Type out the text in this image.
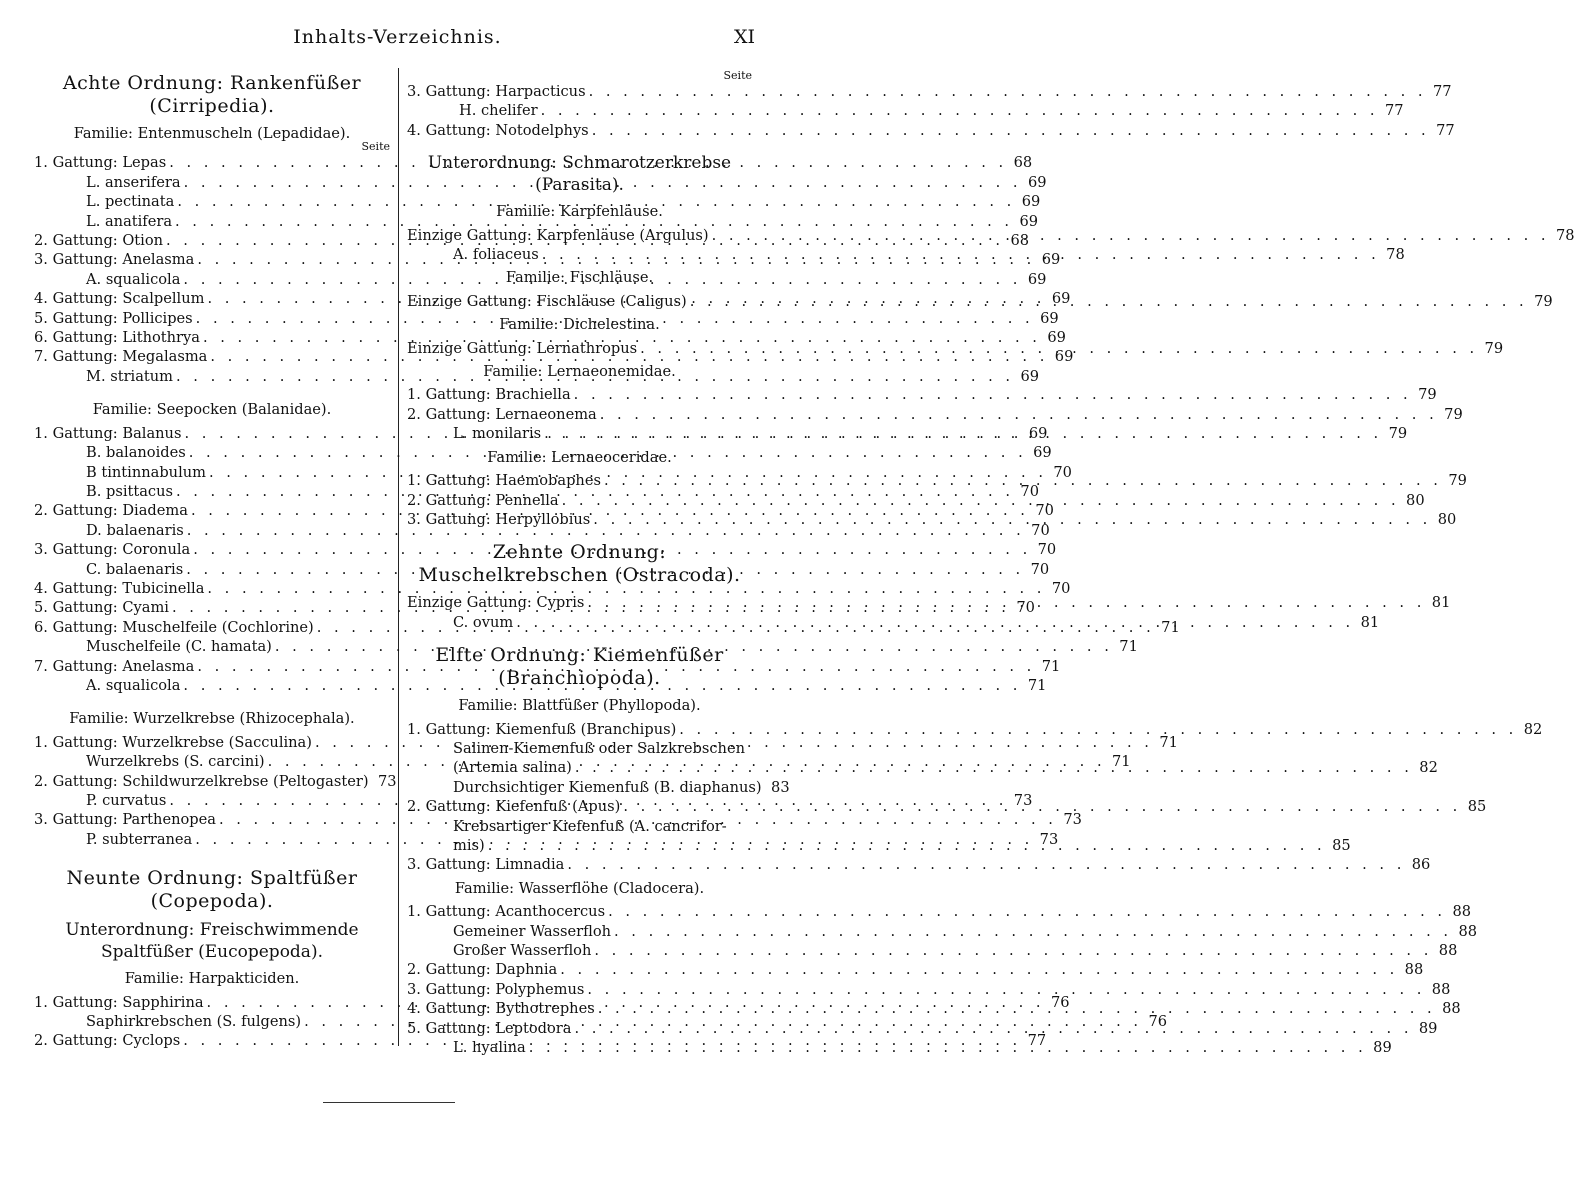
Inhalts-Verzeichnis.	XI
Achte Ordnung: Rankenfüßer (Cirripedia).
Familie: Entenmuscheln (Lepadidae).
Seite
1. Gattung: Lepas . . .	68
L. anserifera . . .	69
L. pectinata . . .	69
L. anatifera . . .	69
2. Gattung: Otion . . .	68
3. Gattung: Anelasma . . .	69
A. squalicola . . .	69
4. Gattung: Scalpellum . . .	69
5. Gattung: Pollicipes . . .	69
6. Gattung: Lithothrya . . .	69
7. Gattung: Megalasma . . .	69
M. striatum . . .	69
Familie: Seepocken (Balanidae).
1. Gattung: Balanus . . .	69
B. balanoides . . .	69
B tintinnabulum . . .	70
B. psittacus . . .	70
2. Gattung: Diadema . . .	70
D. balaenaris . . .	70
3. Gattung: Coronula . . .	70
C. balaenaris . . .	70
4. Gattung: Tubicinella . . .	70
5. Gattung: Cyami . . .	70
6. Gattung: Muschelfeile (Cochlorine) . . .	71
Muschelfeile (C. hamata) . . .	71
7. Gattung: Anelasma . . .	71
A. squalicola . . .	71
Familie: Wurzelkrebse (Rhizocephala).
1. Gattung: Wurzelkrebse (Sacculina) . . .	71
Wurzelkrebs (S. carcini) . . .	71
2. Gattung: Schildwurzelkrebse (Peltogaster) 73
P. curvatus . . .	73
3. Gattung: Parthenopea . . .	73
P. subterranea . . .	73
Neunte Ordnung: Spaltfüßer (Copepoda).
Unterordnung: Freischwimmende Spaltfüßer (Eucopepoda).
Familie: Harpakticiden.
1. Gattung: Sapphirina . . .	76
Saphirkrebschen (S. fulgens) . . .	76
2. Gattung: Cyclops . . .	77
Seite
3. Gattung: Harpacticus . . .	77
H. chelifer . . .	77
4. Gattung: Notodelphys . . .	77
Unterordnung: Schmarotzerkrebse (Parasita).
Familie: Karpfenläuse.
Einzige Gattung: Karpfenläuse (Argulus) . . .	78
A. foliaceus . . .	78
Familie: Fischläuse.
Einzige Gattung: Fischläuse (Caligus) . . .	79
Familie: Dichelestina.
Einzige Gattung: Lernathropus . . .	79
Familie: Lernaeonemidae.
1. Gattung: Brachiella . . .	79
2. Gattung: Lernaeonema . . .	79
L. monilaris . . .	79
Familie: Lernaeoceridae.
1. Gattung: Haemobaphes . . .	79
2. Gattung: Pennella . . .	80
3. Gattung: Herpyllobius . . .	80
Zehnte Ordnung: Muschelkrebschen (Ostracoda).
Einzige Gattung: Cypris . . .	81
C. ovum . . .	81
Elfte Ordnung: Kiemenfüßer (Branchiopoda).
Familie: Blattfüßer (Phyllopoda).
1. Gattung: Kiemenfuß (Branchipus) . . .	82
Salinen-Kiemenfuß oder Salzkrebschen
(Artemia salina) . . .	82
Durchsichtiger Kiemenfuß (B. diaphanus) 83
2. Gattung: Kiefenfuß (Apus) . . .	85
Krebsartiger Kiefenfuß (A. cancrifor-
mis) . . .	85
3. Gattung: Limnadia . . .	86
Familie: Wasserflöhe (Cladocera).
1. Gattung: Acanthocercus . . .	88
Gemeiner Wasserfloh . . .	88
Großer Wasserfloh . . .	88
2. Gattung: Daphnia . . .	88
3. Gattung: Polyphemus . . .	88
4. Gattung: Bythotrephes . . .	88
5. Gattung: Leptodora . . .	89
L. hyalina . . .	89
